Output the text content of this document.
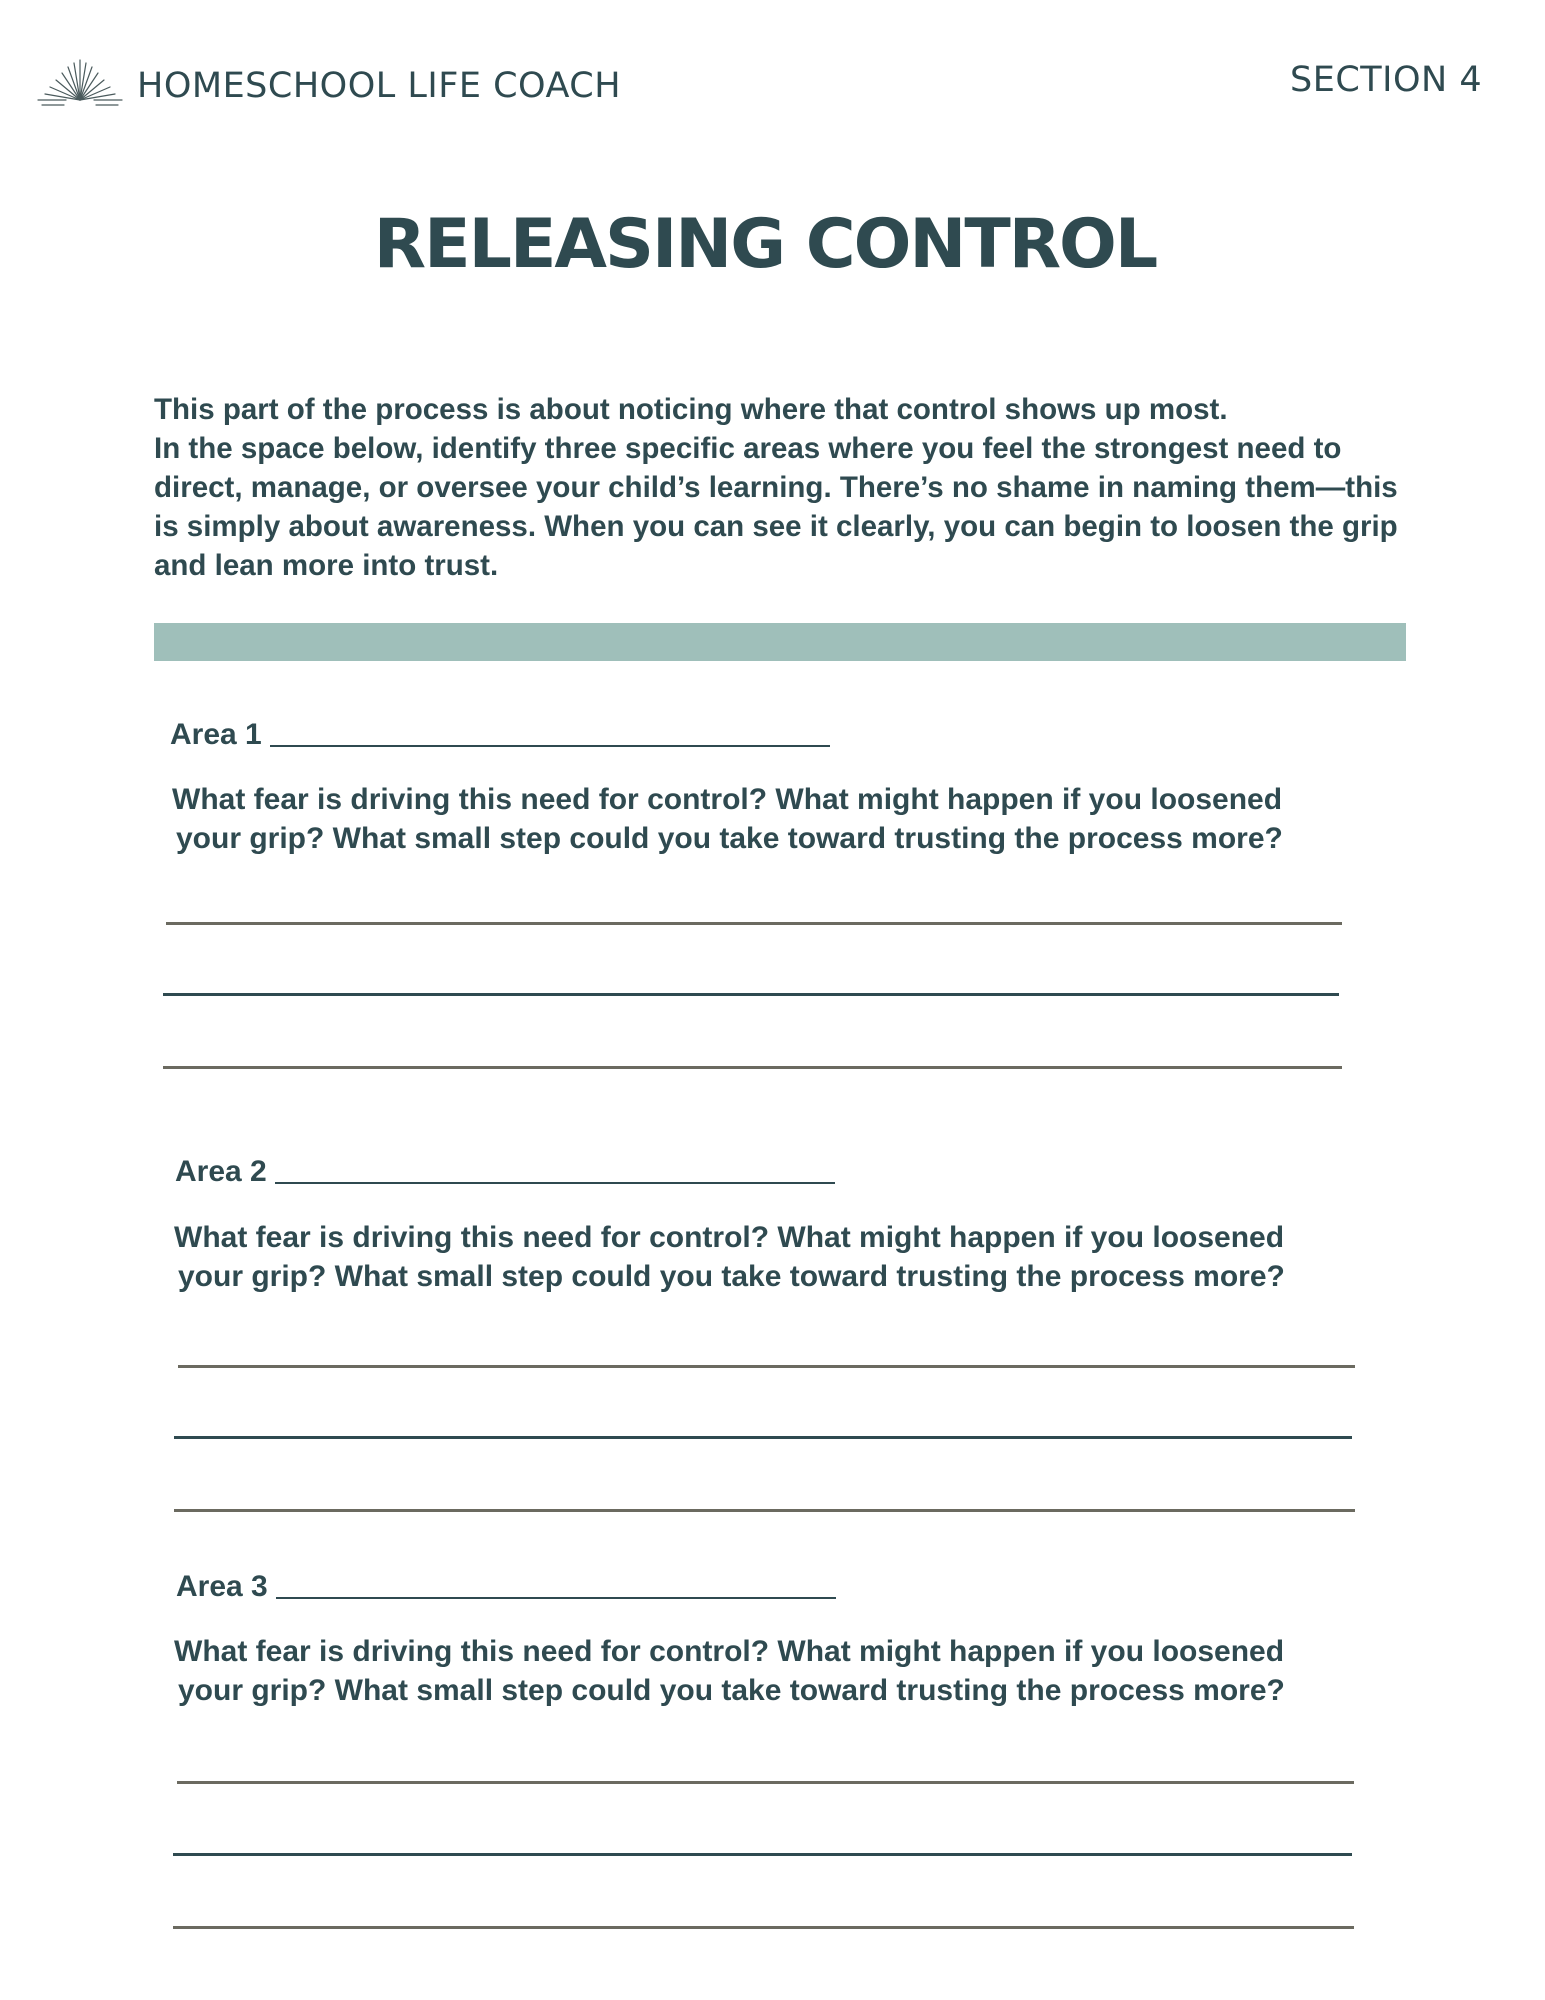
HOMESCHOOL LIFE COACH	SECTION 4
RELEASING CONTROL

This part of the process is about noticing where that control shows up most.

In the space below, identify three specific areas where you feel the strongest need to direct, manage, or oversee your child’s learning. There’s no shame in naming them—this is simply about awareness. When you can see it clearly, you can begin to loosen the grip and lean more into trust.

Area 1
What fear is driving this need for control? What might happen if you loosened
your grip? What small step could you take toward trusting the process more?
Area 2
What fear is driving this need for control? What might happen if you loosened
your grip? What small step could you take toward trusting the process more?
Area 3
What fear is driving this need for control? What might happen if you loosened
your grip? What small step could you take toward trusting the process more?
